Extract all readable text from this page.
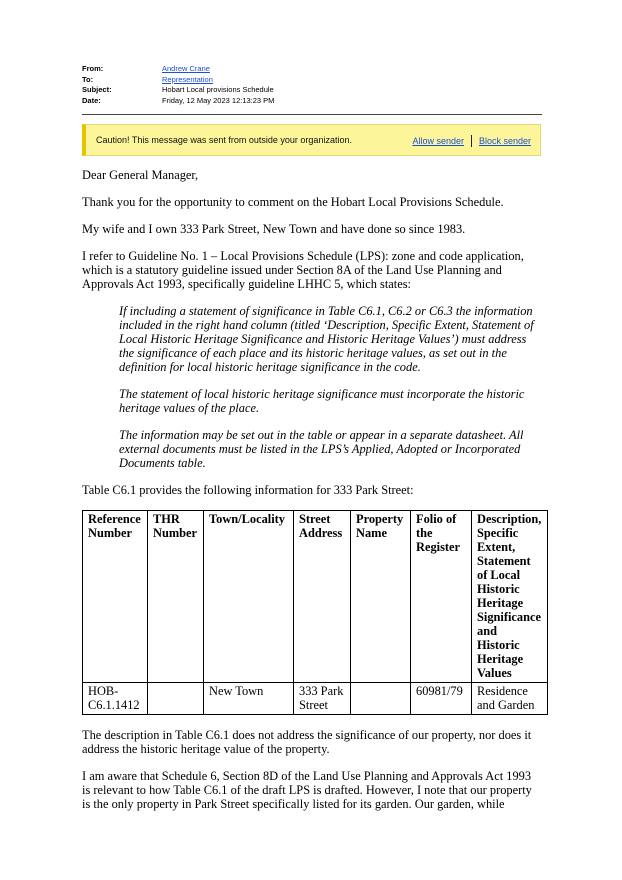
From:	Andrew Crane
To:	Representation
Subject:	Hobart Local provisions Schedule
Date:	Friday, 12 May 2023 12:13:23 PM
Caution! This message was sent from outside your organization.	Allow sender Block sender

Dear General Manager,

Thank you for the opportunity to comment on the Hobart Local Provisions Schedule.

My wife and I own 333 Park Street, New Town and have done so since 1983.

I refer to Guideline No. 1 – Local Provisions Schedule (LPS): zone and code application, which is a statutory guideline issued under Section 8A of the Land Use Planning and Approvals Act 1993, specifically guideline LHHC 5, which states:

If including a statement of significance in Table C6.1, C6.2 or C6.3 the information included in the right hand column (titled ‘Description, Specific Extent, Statement of Local Historic Heritage Significance and Historic Heritage Values’) must address the significance of each place and its historic heritage values, as set out in the definition for local historic heritage significance in the code.

The statement of local historic heritage significance must incorporate the historic heritage values of the place.

The information may be set out in the table or appear in a separate datasheet. All external documents must be listed in the LPS’s Applied, Adopted or Incorporated Documents table.

Table C6.1 provides the following information for 333 Park Street:

Reference Number	THR Number	Town/Locality	Street Address	Property Name	Folio of the Register	Description, Specific Extent, Statement of Local Historic Heritage Significance and Historic Heritage Values
HOB-C6.1.1412		New Town	333 Park Street		60981/79	Residence and Garden

The description in Table C6.1 does not address the significance of our property, nor does it address the historic heritage value of the property.

I am aware that Schedule 6, Section 8D of the Land Use Planning and Approvals Act 1993 is relevant to how Table C6.1 of the draft LPS is drafted. However, I note that our property is the only property in Park Street specifically listed for its garden. Our garden, while
